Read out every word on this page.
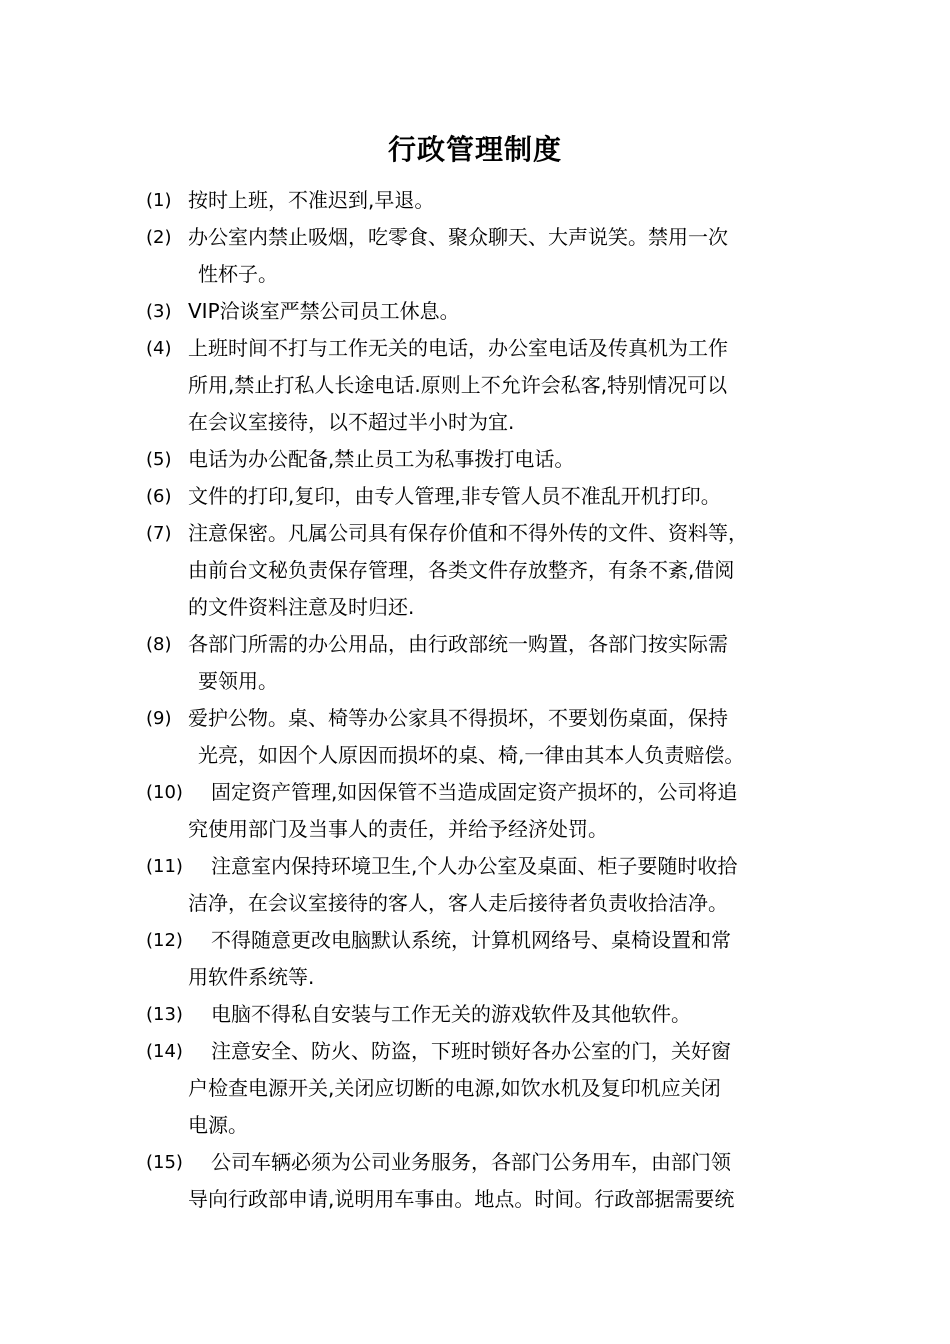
行政管理制度
(1) 按时上班，不准迟到,早退。
(2) 办公室内禁止吸烟，吃零食、聚众聊天、大声说笑。禁用一次
性杯子。
(3) VIP洽谈室严禁公司员工休息。
(4) 上班时间不打与工作无关的电话，办公室电话及传真机为工作
所用,禁止打私人长途电话.原则上不允许会私客,特别情况可以
在会议室接待，以不超过半小时为宜.
(5) 电话为办公配备,禁止员工为私事拨打电话。
(6) 文件的打印,复印，由专人管理,非专管人员不准乱开机打印。
(7) 注意保密。凡属公司具有保存价值和不得外传的文件、资料等，
由前台文秘负责保存管理，各类文件存放整齐，有条不紊,借阅
的文件资料注意及时归还.
(8) 各部门所需的办公用品，由行政部统一购置，各部门按实际需
要领用。
(9) 爱护公物。桌、椅等办公家具不得损坏，不要划伤桌面，保持
光亮，如因个人原因而损坏的桌、椅,一律由其本人负责赔偿。
(10) 固定资产管理,如因保管不当造成固定资产损坏的，公司将追
究使用部门及当事人的责任，并给予经济处罚。
(11) 注意室内保持环境卫生,个人办公室及桌面、柜子要随时收拾
洁净，在会议室接待的客人，客人走后接待者负责收拾洁净。
(12) 不得随意更改电脑默认系统，计算机网络号、桌椅设置和常
用软件系统等.
(13) 电脑不得私自安装与工作无关的游戏软件及其他软件。
(14) 注意安全、防火、防盗，下班时锁好各办公室的门，关好窗
户检查电源开关,关闭应切断的电源,如饮水机及复印机应关闭
电源。
(15) 公司车辆必须为公司业务服务，各部门公务用车，由部门领
导向行政部申请,说明用车事由。地点。时间。行政部据需要统
